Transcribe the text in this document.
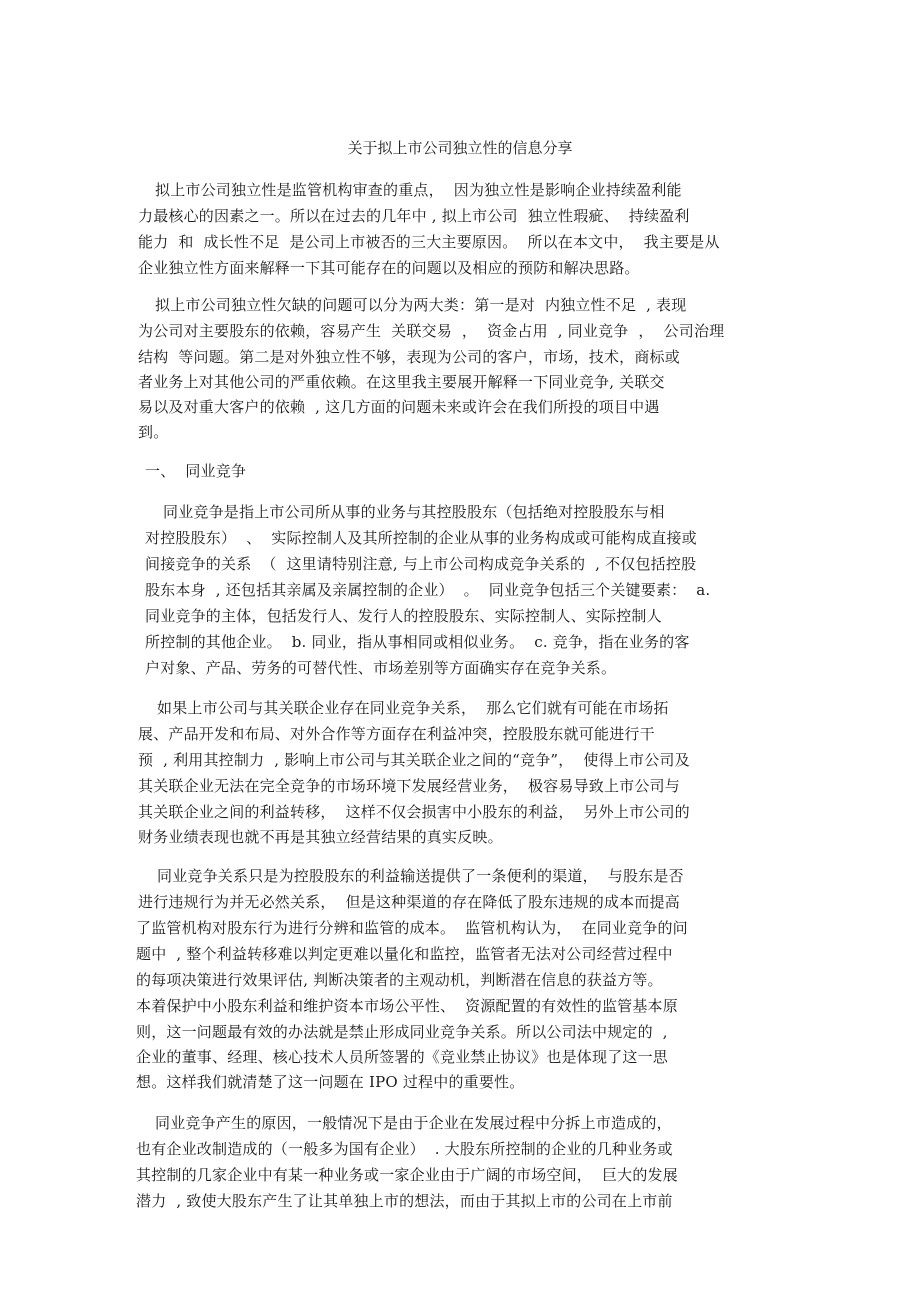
关于拟上市公司独立性的信息分享
拟上市公司独立性是监管机构审查的重点，  因为独立性是影响企业持续盈利能
力最核心的因素之一。所以在过去的几年中 , 拟上市公司  独立性瑕疵、  持续盈利
能力  和  成长性不足  是公司上市被否的三大主要原因。  所以在本文中，  我主要是从
企业独立性方面来解释一下其可能存在的问题以及相应的预防和解决思路。
拟上市公司独立性欠缺的问题可以分为两大类：第一是对  内独立性不足  , 表现
为公司对主要股东的依赖，容易产生  关联交易  ，  资金占用  , 同业竞争  ，  公司治理
结构  等问题。第二是对外独立性不够，表现为公司的客户，市场，技术，商标或
者业务上对其他公司的严重依赖。在这里我主要展开解释一下同业竞争, 关联交
易以及对重大客户的依赖  , 这几方面的问题未来或许会在我们所投的项目中遇
到。
一、  同业竞争
同业竞争是指上市公司所从事的业务与其控股股东（包括绝对控股股东与相
对控股股东）  、  实际控制人及其所控制的企业从事的业务构成或可能构成直接或
间接竞争的关系  （  这里请特别注意, 与上市公司构成竞争关系的  , 不仅包括控股
股东本身  , 还包括其亲属及亲属控制的企业）  。  同业竞争包括三个关键要素：  a.
同业竞争的主体，包括发行人、发行人的控股股东、实际控制人、实际控制人
所控制的其他企业。  b. 同业，指从事相同或相似业务。  c. 竞争，指在业务的客
户对象、产品、劳务的可替代性、市场差别等方面确实存在竞争关系。
如果上市公司与其关联企业存在同业竞争关系，  那么它们就有可能在市场拓
展、产品开发和布局、对外合作等方面存在利益冲突，控股股东就可能进行干
预  , 利用其控制力  , 影响上市公司与其关联企业之间的“竞争”，  使得上市公司及
其关联企业无法在完全竞争的市场环境下发展经营业务，  极容易导致上市公司与
其关联企业之间的利益转移，  这样不仅会损害中小股东的利益，  另外上市公司的
财务业绩表现也就不再是其独立经营结果的真实反映。
同业竞争关系只是为控股股东的利益输送提供了一条便利的渠道，  与股东是否
进行违规行为并无必然关系，  但是这种渠道的存在降低了股东违规的成本而提高
了监管机构对股东行为进行分辨和监管的成本。  监管机构认为，  在同业竞争的问
题中  , 整个利益转移难以判定更难以量化和监控，监管者无法对公司经营过程中
的每项决策进行效果评估, 判断决策者的主观动机，判断潜在信息的获益方等。
本着保护中小股东利益和维护资本市场公平性、  资源配置的有效性的监管基本原
则，这一问题最有效的办法就是禁止形成同业竞争关系。所以公司法中规定的  ,
企业的董事、经理、核心技术人员所签署的《竞业禁止协议》也是体现了这一思
想。这样我们就清楚了这一问题在 IPO 过程中的重要性。
同业竞争产生的原因，一般情况下是由于企业在发展过程中分拆上市造成的，
也有企业改制造成的（一般多为国有企业）  . 大股东所控制的企业的几种业务或
其控制的几家企业中有某一种业务或一家企业由于广阔的市场空间，  巨大的发展
潜力  , 致使大股东产生了让其单独上市的想法，而由于其拟上市的公司在上市前
